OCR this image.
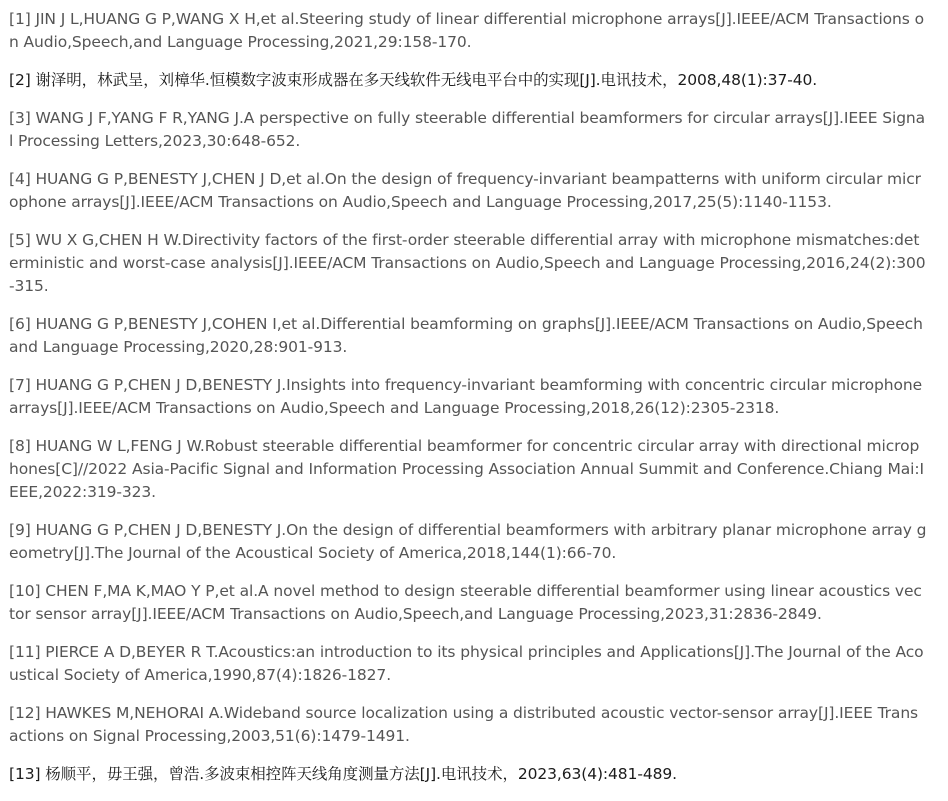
[1] JIN J L,HUANG G P,WANG X H,et al.Steering study of linear differential microphone arrays[J].IEEE/ACM Transactions on Audio,Speech,and Language Processing,2021,29:158-170.
[2] 谢泽明，林武呈，刘樟华.恒模数字波束形成器在多天线软件无线电平台中的实现[J].电讯技术，2008,48(1):37-40.
[3] WANG J F,YANG F R,YANG J.A perspective on fully steerable differential beamformers for circular arrays[J].IEEE Signal Processing Letters,2023,30:648-652.
[4] HUANG G P,BENESTY J,CHEN J D,et al.On the design of frequency-invariant beampatterns with uniform circular microphone arrays[J].IEEE/ACM Transactions on Audio,Speech and Language Processing,2017,25(5):1140-1153.
[5] WU X G,CHEN H W.Directivity factors of the first-order steerable differential array with microphone mismatches:deterministic and worst-case analysis[J].IEEE/ACM Transactions on Audio,Speech and Language Processing,2016,24(2):300-315.
[6] HUANG G P,BENESTY J,COHEN I,et al.Differential beamforming on graphs[J].IEEE/ACM Transactions on Audio,Speech and Language Processing,2020,28:901-913.
[7] HUANG G P,CHEN J D,BENESTY J.Insights into frequency-invariant beamforming with concentric circular microphone arrays[J].IEEE/ACM Transactions on Audio,Speech and Language Processing,2018,26(12):2305-2318.
[8] HUANG W L,FENG J W.Robust steerable differential beamformer for concentric circular array with directional microphones[C]//2022 Asia-Pacific Signal and Information Processing Association Annual Summit and Conference.Chiang Mai:IEEE,2022:319-323.
[9] HUANG G P,CHEN J D,BENESTY J.On the design of differential beamformers with arbitrary planar microphone array geometry[J].The Journal of the Acoustical Society of America,2018,144(1):66-70.
[10] CHEN F,MA K,MAO Y P,et al.A novel method to design steerable differential beamformer using linear acoustics vector sensor array[J].IEEE/ACM Transactions on Audio,Speech,and Language Processing,2023,31:2836-2849.
[11] PIERCE A D,BEYER R T.Acoustics:an introduction to its physical principles and Applications[J].The Journal of the Acoustical Society of America,1990,87(4):1826-1827.
[12] HAWKES M,NEHORAI A.Wideband source localization using a distributed acoustic vector-sensor array[J].IEEE Transactions on Signal Processing,2003,51(6):1479-1491.
[13] 杨顺平，毋王强，曾浩.多波束相控阵天线角度测量方法[J].电讯技术，2023,63(4):481-489.
